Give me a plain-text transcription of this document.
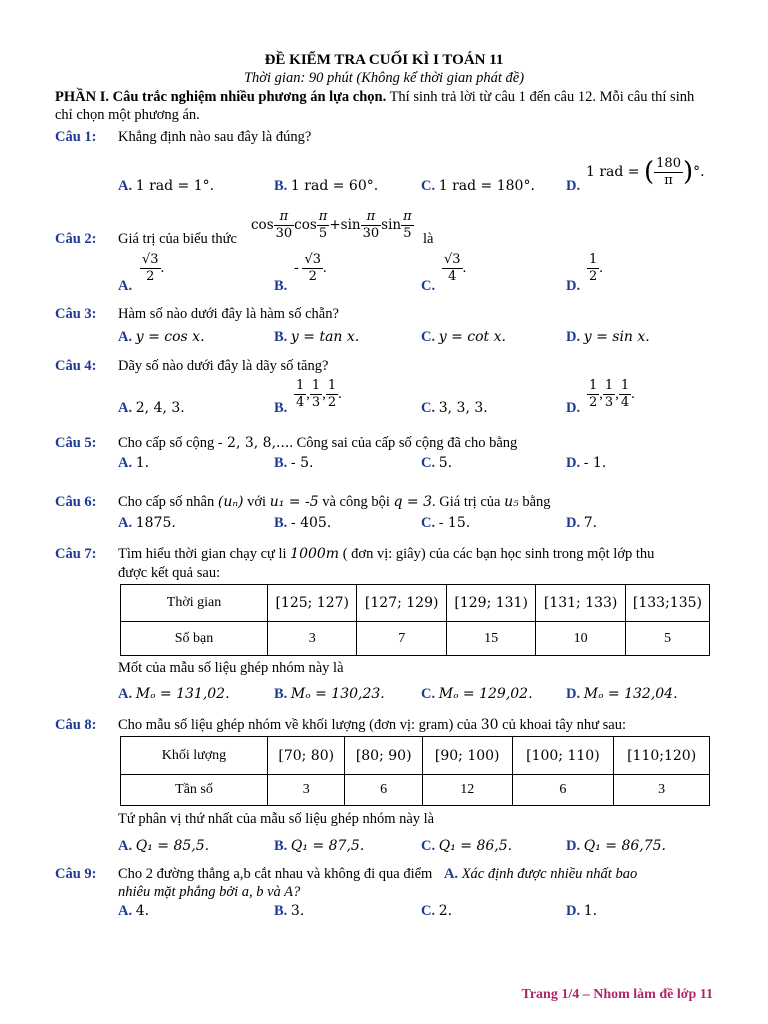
ĐỀ KIỂM TRA CUỐI KÌ I TOÁN 11
Thời gian: 90 phút (Không kể thời gian phát đề)
PHẦN I. Câu trắc nghiệm nhiều phương án lựa chọn. Thí sinh trả lời từ câu 1 đến câu 12. Mỗi câu thí sinh chỉ chọn một phương án.
Câu 1: Khẳng định nào sau đây là đúng?
A. 1 rad = 1°.	B. 1 rad = 60°.	C. 1 rad = 180°. D.
1 rad = ( $\frac{180}{\pi}$ )°.
Câu 2: Giá trị của biểu thức
$\cos \frac{\pi}{30}$ $\cos \frac{\pi}{5} +\sin \frac{\pi}{30}$ $\sin \frac{\pi}{5}$ là
A.
$\frac{√3}{2}$ .
B.
- $\frac{√3}{2}$ .
C.
$\frac{√3}{4}$ .
D.
$\frac{1}{2}$ .
Câu 3: Hàm số nào dưới đây là hàm số chẵn?
A. y = cos x.	B. y = tan x.	C. y = cot x.	D. y = sin x.
Câu 4: Dãy số nào dưới đây là dãy số tăng?
A. 2, 4, 3.	B. $\frac{1}{4}$ , $\frac{1}{3}$ , $\frac{1}{2}$ .
C. 3, 3, 3.	D. $\frac{1}{2}$ , $\frac{1}{3}$ , $\frac{1}{4}$ .
Câu 5: Cho cấp số cộng - 2, 3, 8,.... Công sai của cấp số cộng đã cho bằng
A. 1.	B. - 5.	C. 5.	D. - 1.
Câu 6: Cho cấp số nhân (uₙ) với u₁ = -5 và công bội q = 3. Giá trị của u₅ bằng
A. 1875.	B. - 405.	C. - 15.	D. 7.
Câu 7: Tìm hiểu thời gian chạy cự li 1000m ( đơn vị: giây) của các bạn học sinh trong một lớp thu
được kết quả sau:
Thời gian	[125; 127)	[127; 129)	[129; 131)	[131; 133)	[133;135)
Số bạn	3	7	15	10	5
Mốt của mẫu số liệu ghép nhóm này là
A. Mₒ = 131,02.	B. Mₒ = 130,23.	C. Mₒ = 129,02. D. Mₒ = 132,04.
Câu 8: Cho mẫu số liệu ghép nhóm về khối lượng (đơn vị: gram) của 30 củ khoai tây như sau:
Khối lượng	[70; 80)	[80; 90)	[90; 100)	[100; 110)	[110;120)
Tần số	3	6	12	6	3
Tứ phân vị thứ nhất của mẫu số liệu ghép nhóm này là
A. Q₁ = 85,5.	B. Q₁ = 87,5.	C. Q₁ = 86,5.	D. Q₁ = 86,75.
Câu 9: Cho 2 đường thẳng a,b cắt nhau và không đi qua điểm A. Xác định được nhiều nhất bao
nhiêu mặt phẳng bởi a, b và A?
A. 4.	B. 3.	C. 2.	D. 1.
Trang 1/4 – Nhom làm đề lớp 11
